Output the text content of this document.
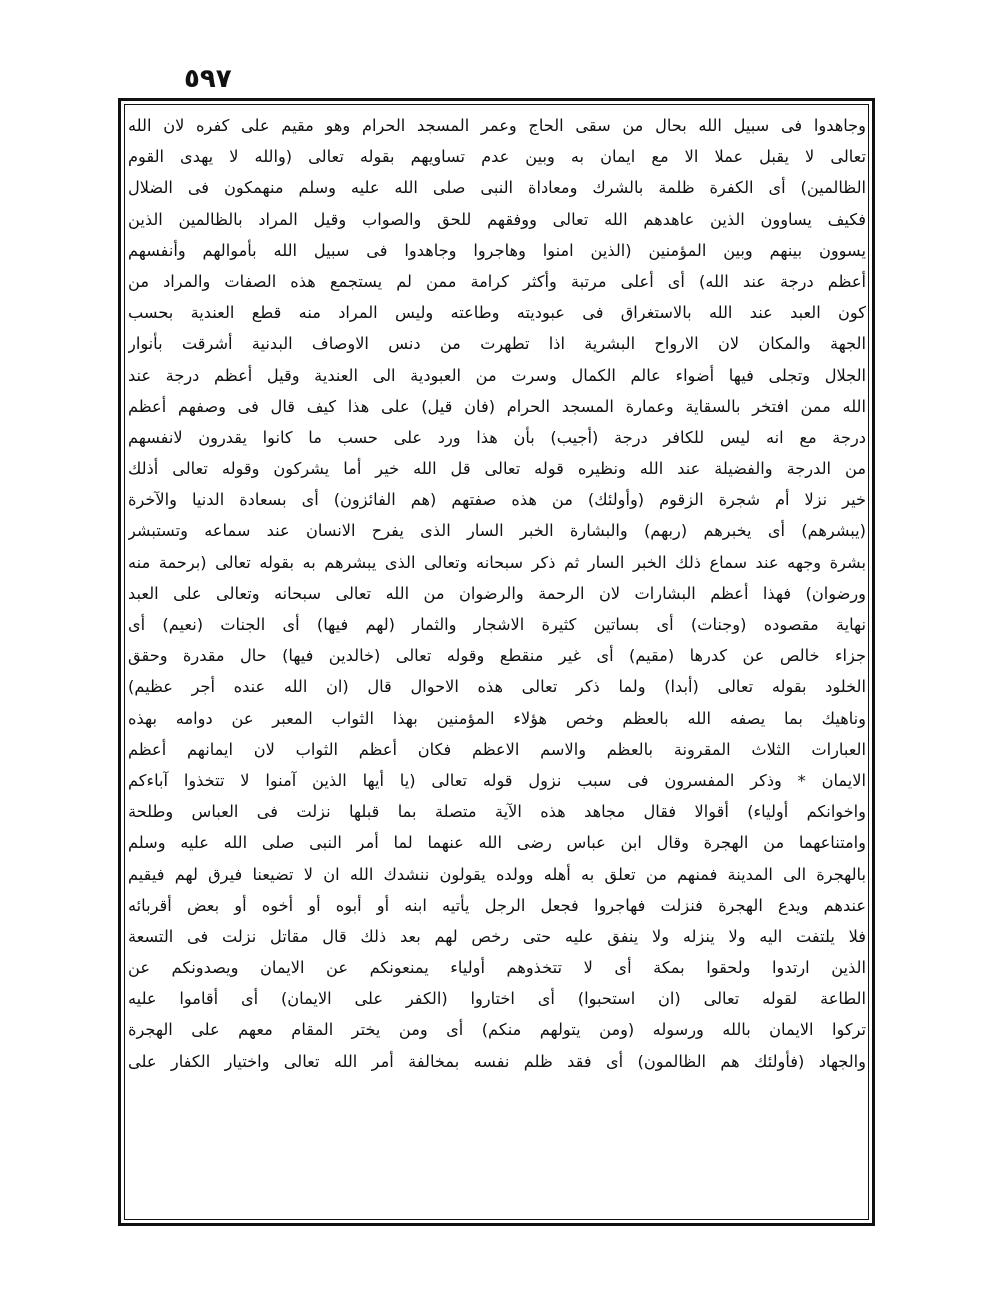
٥٩٧
وجاهدوا فى سبيل الله بحال من سقى الحاج وعمر المسجد الحرام وهو مقيم على كفره لان الله
تعالى لا يقبل عملا الا مع ايمان به وبين عدم تساويهم بقوله تعالى (والله لا يهدى القوم
الظالمين) أى الكفرة ظلمة بالشرك ومعاداة النبى صلى الله عليه وسلم منهمكون فى الضلال
فكيف يساوون الذين عاهدهم الله تعالى ووفقهم للحق والصواب وقيل المراد بالظالمين الذين
يسوون بينهم وبين المؤمنين (الذين امنوا وهاجروا وجاهدوا فى سبيل الله بأموالهم وأنفسهم
أعظم درجة عند الله) أى أعلى مرتبة وأكثر كرامة ممن لم يستجمع هذه الصفات والمراد من
كون العبد عند الله بالاستغراق فى عبوديته وطاعته وليس المراد منه قطع العندية بحسب
الجهة والمكان لان الارواح البشرية اذا تطهرت من دنس الاوصاف البدنية أشرقت بأنوار
الجلال وتجلى فيها أضواء عالم الكمال وسرت من العبودية الى العندية وقيل أعظم درجة عند
الله ممن افتخر بالسقاية وعمارة المسجد الحرام (فان قيل) على هذا كيف قال فى وصفهم أعظم
درجة مع انه ليس للكافر درجة (أجيب) بأن هذا ورد على حسب ما كانوا يقدرون لانفسهم
من الدرجة والفضيلة عند الله ونظيره قوله تعالى قل الله خير أما يشركون وقوله تعالى أذلك
خير نزلا أم شجرة الزقوم (وأولئك) من هذه صفتهم (هم الفائزون) أى بسعادة الدنيا والآخرة
(يبشرهم) أى يخبرهم (ربهم) والبشارة الخبر السار الذى يفرح الانسان عند سماعه وتستبشر
بشرة وجهه عند سماع ذلك الخبر السار ثم ذكر سبحانه وتعالى الذى يبشرهم به بقوله تعالى (برحمة منه
ورضوان) فهذا أعظم البشارات لان الرحمة والرضوان من الله تعالى سبحانه وتعالى على العبد
نهاية مقصوده (وجنات) أى بساتين كثيرة الاشجار والثمار (لهم فيها) أى الجنات (نعيم) أى
جزاء خالص عن كدرها (مقيم) أى غير منقطع وقوله تعالى (خالدين فيها) حال مقدرة وحقق
الخلود بقوله تعالى (أبدا) ولما ذكر تعالى هذه الاحوال قال (ان الله عنده أجر عظيم)
وناهيك بما يصفه الله بالعظم وخص هؤلاء المؤمنين بهذا الثواب المعبر عن دوامه بهذه
العبارات الثلاث المقرونة بالعظم والاسم الاعظم فكان أعظم الثواب لان ايمانهم أعظم
الايمان * وذكر المفسرون فى سبب نزول قوله تعالى (يا أيها الذين آمنوا لا تتخذوا آباءكم
واخوانكم أولياء) أقوالا فقال مجاهد هذه الآية متصلة بما قبلها نزلت فى العباس وطلحة
وامتناعهما من الهجرة وقال ابن عباس رضى الله عنهما لما أمر النبى صلى الله عليه وسلم
بالهجرة الى المدينة فمنهم من تعلق به أهله وولده يقولون ننشدك الله ان لا تضيعنا فيرق لهم فيقيم
عندهم ويدع الهجرة فنزلت فهاجروا فجعل الرجل يأتيه ابنه أو أبوه أو أخوه أو بعض أقربائه
فلا يلتفت اليه ولا ينزله ولا ينفق عليه حتى رخص لهم بعد ذلك قال مقاتل نزلت فى التسعة
الذين ارتدوا ولحقوا بمكة أى لا تتخذوهم أولياء يمنعونكم عن الايمان ويصدونكم عن
الطاعة لقوله تعالى (ان استحبوا) أى اختاروا (الكفر على الايمان) أى أقاموا عليه
تركوا الايمان بالله ورسوله (ومن يتولهم منكم) أى ومن يختر المقام معهم على الهجرة
والجهاد (فأولئك هم الظالمون) أى فقد ظلم نفسه بمخالفة أمر الله تعالى واختيار الكفار على
